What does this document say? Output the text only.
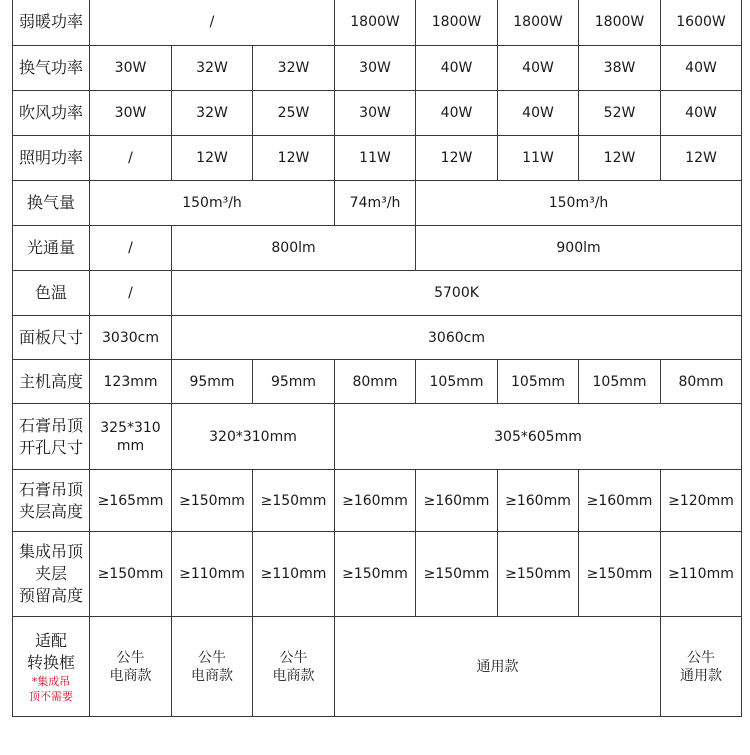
弱暖功率	/			1800W	1800W	1800W	1800W	1600W

换气功率	30W	32W	32W	30W	40W	40W	38W	40W

吹风功率	30W	32W	25W	30W	40W	40W	52W	40W

照明功率	/	12W	12W	11W	12W	11W	12W	12W

换气量	150m³/h			74m³/h	150m³/h			

光通量	/	800lm			900lm			

色温	/	5700K						

面板尺寸	3030cm	3060cm						

主机高度	123mm	95mm	95mm	80mm	105mm	105mm	105mm	80mm

石膏吊顶
开孔尺寸	325*310
mm	320*310mm		305*605mm				

石膏吊顶
夹层高度	≥165mm	≥150mm	≥150mm	≥160mm	≥160mm	≥160mm	≥160mm	≥120mm

集成吊顶
夹层
预留高度	≥150mm	≥110mm	≥110mm	≥150mm	≥150mm	≥150mm	≥150mm	≥110mm

适配
转换框
*集成吊
顶不需要	公牛
电商款	公牛
电商款	公牛
电商款	通用款				公牛
通用款
